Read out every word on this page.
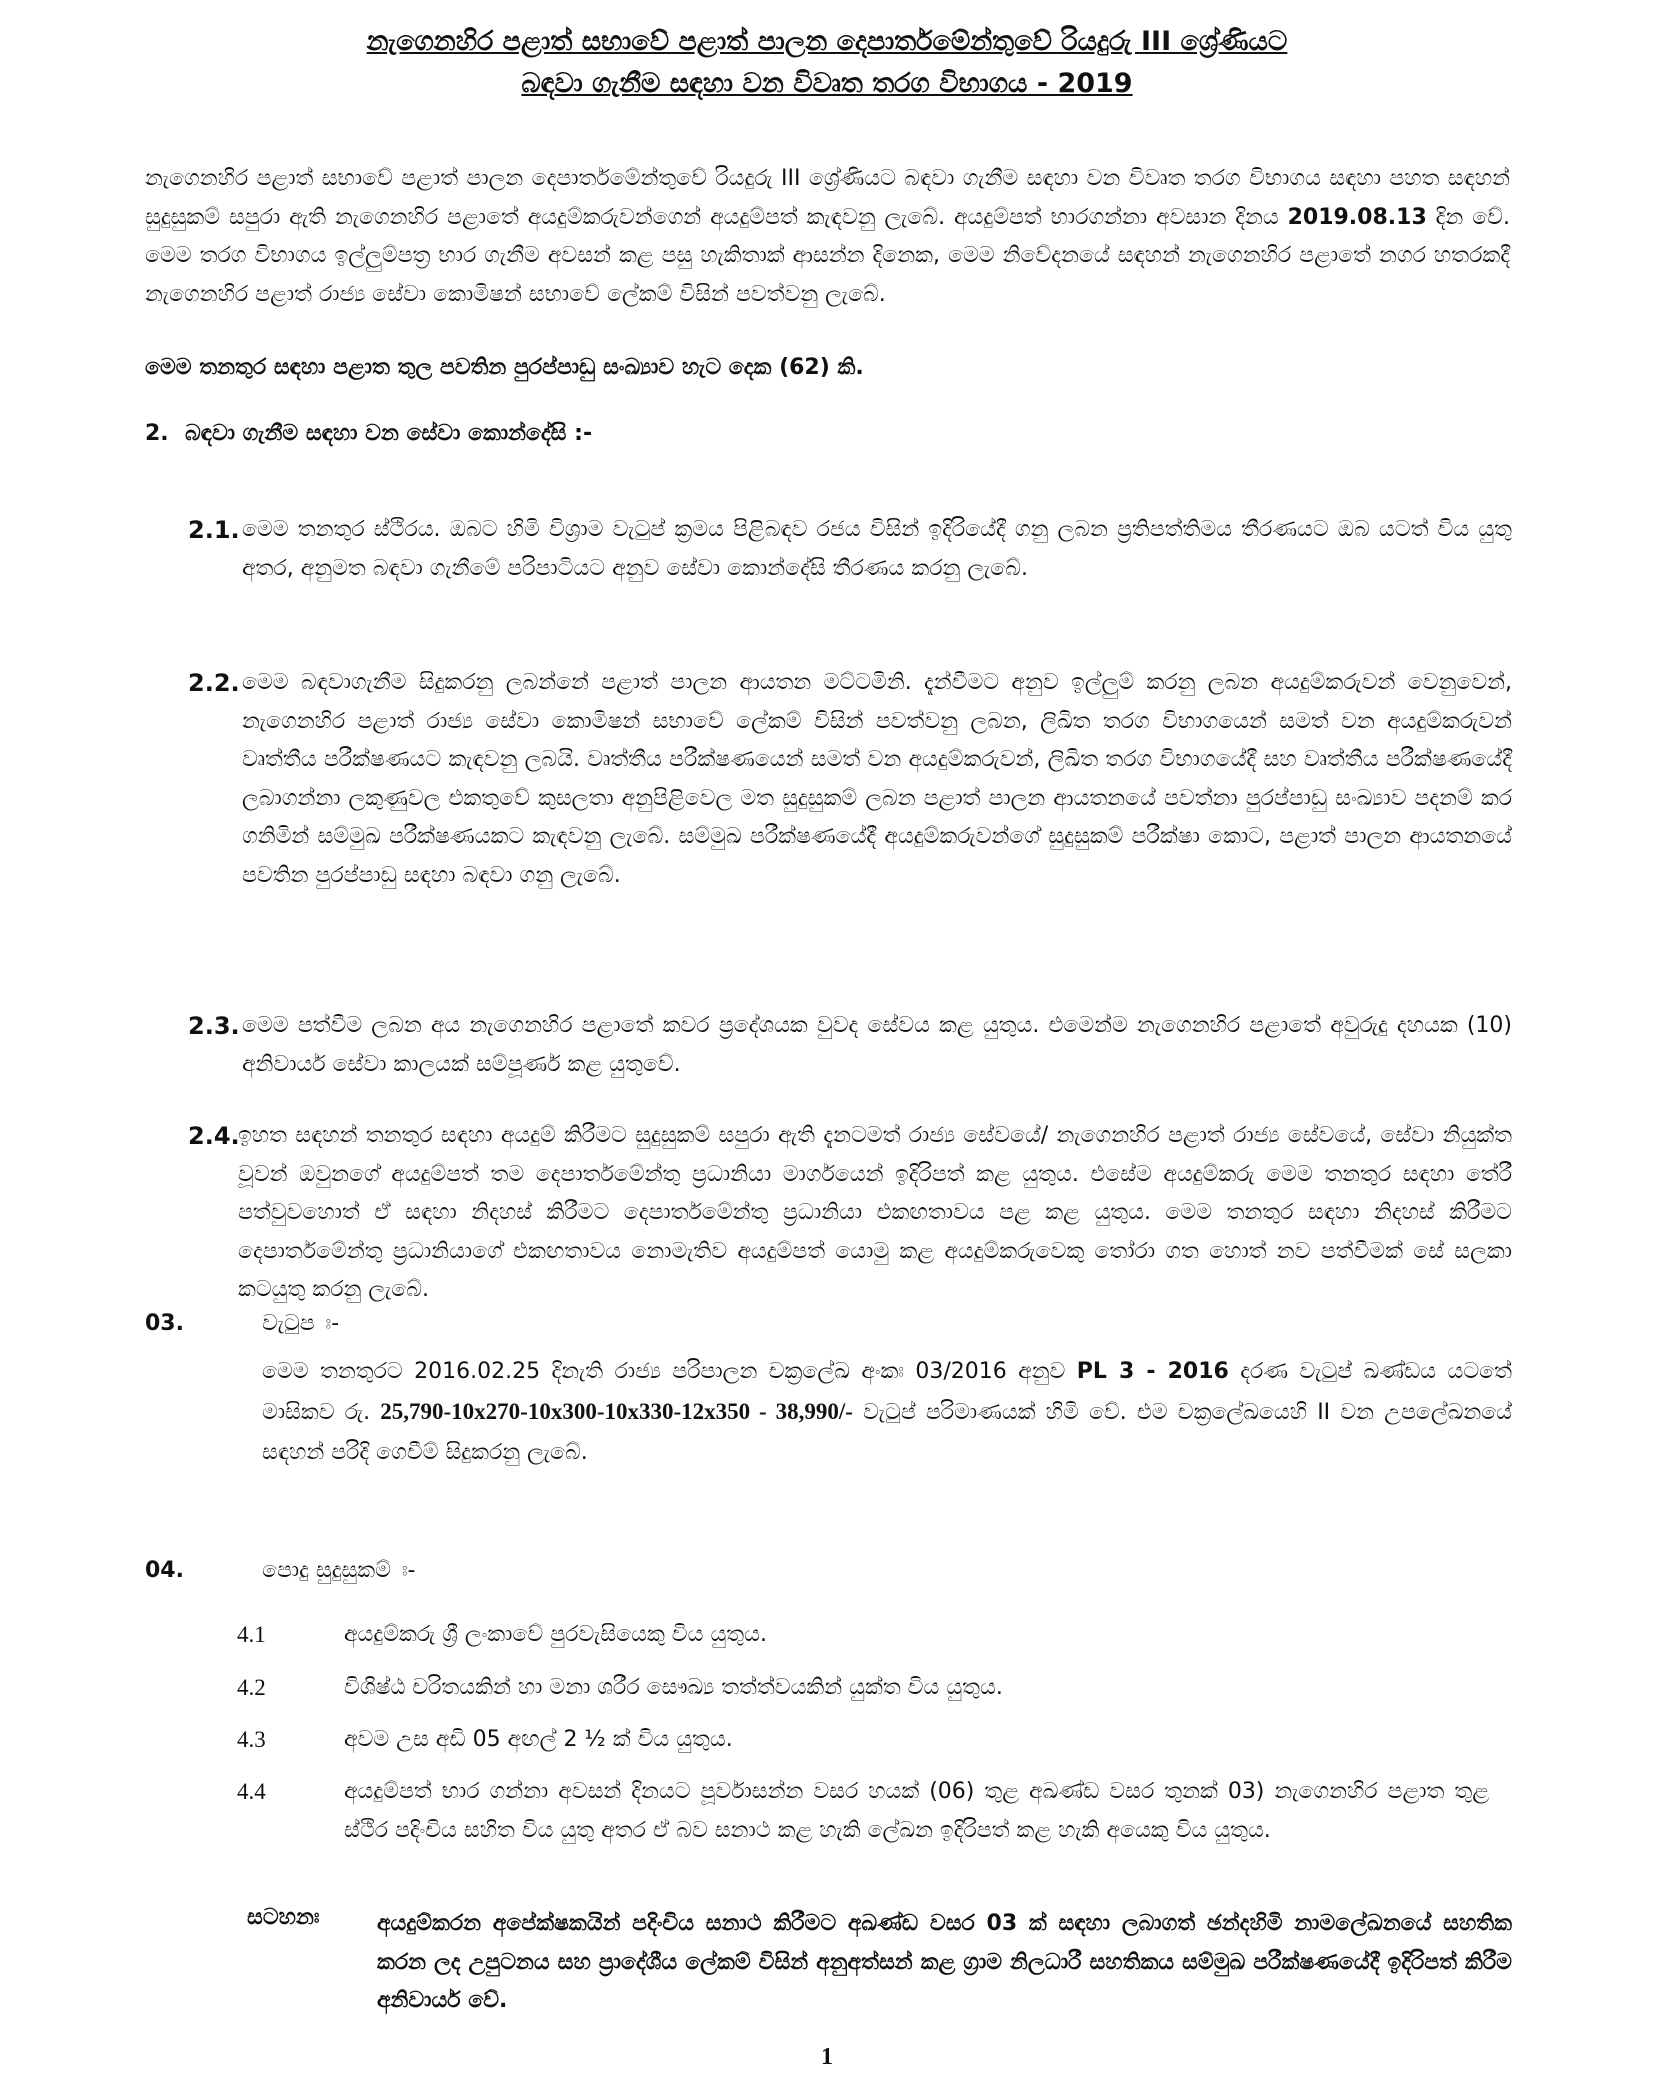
නැගෙනහිර පළාත් සභාවේ පළාත් පාලන දෙපාර්තමේන්තුවේ රියදුරු III ශ්‍රේණියට
බඳවා ගැනීම සඳහා වන විවෘත තරග විභාගය - 2019
නැගෙනහිර පළාත් සභාවේ පළාත් පාලන දෙපාර්තමේන්තුවේ රියදුරු III ශ්‍රේණියට බඳවා ගැනීම සඳහා වන විවෘත තරග විභාගය සඳහා පහත සඳහන් සුදුසුකම් සපුරා ඇති නැගෙනහිර පළාතේ අයදුම්කරුවන්ගෙන් අයදුම්පත් කැඳවනු ලැබේ. අයදුම්පත් භාරගන්නා අවසාන දිනය 2019.08.13 දින වේ. මෙම තරග විභාගය ඉල්ලුම්පත්‍ර භාර ගැනීම අවසන් කළ පසු හැකිතාක් ආසන්න දිනෙක, මෙම නිවේදනයේ සඳහන් නැගෙනහිර පළාතේ නගර හතරකදී නැගෙනහිර පළාත් රාජ්‍ය සේවා කොමිෂන් සභාවේ ලේකම් විසින් පවත්වනු ලැබේ.
මෙම තනතුර සඳහා පළාත තුල පවතින පුරප්පාඩු සංඛ්‍යාව හැට දෙක (62) කි.
2. බඳවා ගැනීම සඳහා වන සේවා කොන්දේසි :-
2.1. මෙම තනතුර ස්ථිරය. ඔබට හිමි විශ්‍රාම වැටුප් ක්‍රමය පිළිබඳව රජය විසින් ඉදිරියේදී ගනු ලබන ප්‍රතිපත්තිමය තීරණයට ඔබ යටත් විය යුතු අතර, අනුමත බඳවා ගැනීමේ පරිපාටියට අනුව සේවා කොන්දේසි තීරණය කරනු ලැබේ.
2.2. මෙම බඳවාගැනීම සිදුකරනු ලබන්නේ පළාත් පාලන ආයතන මට්ටමිනි. දැන්වීමට අනුව ඉල්ලුම් කරනු ලබන අයදුම්කරුවන් වෙනුවෙන්, නැගෙනහිර පළාත් රාජ්‍ය සේවා කොමිෂන් සභාවේ ලේකම් විසින් පවත්වනු ලබන, ලිඛිත තරග විභාගයෙන් සමත් වන අයදුම්කරුවන් වෘත්තීය පරීක්ෂණයට කැඳවනු ලබයි. වෘත්තීය පරීක්ෂණයෙන් සමත් වන අයදුම්කරුවන්, ලිඛිත තරග විභාගයේදී සහ වෘත්තීය පරීක්ෂණයේදී ලබාගන්නා ලකුණුවල එකතුවේ කුසලතා අනුපිළිවෙල මත සුදුසුකම් ලබන පළාත් පාලන ආයතනයේ පවත්නා පුරප්පාඩු සංඛ්‍යාව පදනම් කර ගනිමින් සම්මුඛ පරීක්ෂණයකට කැඳවනු ලැබේ. සම්මුඛ පරීක්ෂණයේදී අයදුම්කරුවන්ගේ සුදුසුකම් පරීක්ෂා කොට, පළාත් පාලන ආයතනයේ පවතින පුරප්පාඩු සඳහා බඳවා ගනු ලැබේ.
2.3. මෙම පත්වීම ලබන අය නැගෙනහිර පළාතේ කවර ප්‍රදේශයක වුවද සේවය කළ යුතුය. එමෙන්ම නැගෙනහිර පළාතේ අවුරුදු දහයක (10) අනිවාර්ය සේවා කාලයක් සම්පූර්ණ කළ යුතුවේ.
2.4.
ඉහත සඳහන් තනතුර සඳහා අයදුම් කිරීමට සුදුසුකම් සපුරා ඇති දැනටමත් රාජ්‍ය සේවයේ/ නැගෙනහිර පළාත් රාජ්‍ය සේවයේ, සේවා නියුක්ත වූවන් ඔවුනගේ අයදුම්පත් තම දෙපාර්තමේන්තු ප්‍රධානියා මාර්ගයෙන් ඉදිරිපත් කළ යුතුය. එසේම අයදුම්කරු මෙම තනතුර සඳහා තේරී පත්වුවහොත් ඒ සඳහා නිදහස් කිරීමට දෙපාර්තමේන්තු ප්‍රධානියා එකඟතාවය පළ කළ යුතුය. මෙම තනතුර සඳහා නිදහස් කිරීමට දෙපාර්තමේන්තු ප්‍රධානියාගේ එකඟතාවය නොමැතිව අයදුම්පත් යොමු කළ අයදුම්කරුවෙකු තෝරා ගත හොත් නව පත්වීමක් සේ සලකා කටයුතු කරනු ලැබේ.
03.	වැටුප ඃ-
මෙම තනතුරට 2016.02.25 දිනැති රාජ්‍ය පරිපාලන චක්‍රලේඛ අංකඃ 03/2016 අනුව PL 3 - 2016 දරණ වැටුප් ඛණ්ඩය යටතේ මාසිකව රු. 25,790-10x270-10x300-10x330-12x350 - 38,990/- වැටුප් පරිමාණයක් හිමි වේ. එම චක්‍රලේඛයෙහි II වන උපලේඛනයේ සඳහන් පරිදි ගෙවීම් සිදුකරනු ලැබේ.
04.	පොදු සුදුසුකම් ඃ-
4.1	අයදුම්කරු ශ්‍රී ලංකාවේ පුරවැසියෙකු විය යුතුය.
4.2	විශිෂ්ඨ චරිතයකින් හා මනා ශරීර සෞඛ්‍ය තත්ත්වයකින් යුක්ත විය යුතුය.
4.3	අවම උස අඩි 05 අඟල් 2 ½ ක් විය යුතුය.
4.4	අයදුම්පත් භාර ගන්නා අවසන් දිනයට පූර්වාසන්න වසර හයක් (06) තුළ අඛණ්ඩ වසර තුනක් 03) නැගෙනහිර පළාත තුළ ස්ථිර පදිංචිය සහිත විය යුතු අතර ඒ බව සනාථ කළ හැකි ලේඛන ඉදිරිපත් කළ හැකි අයෙකු විය යුතුය.
සටහනඃ	අයදුම්කරන අපේක්ෂකයින් පදිංචිය සනාථ කිරීමට අඛණ්ඩ වසර 03 ක් සඳහා ලබාගත් ඡන්දහිමි නාමලේඛනයේ සහතික කරන ලද උපුටනය සහ ප්‍රාදේශීය ලේකම් විසින් අනුඅත්සන් කළ ග්‍රාම නිලධාරී සහතිකය සම්මුඛ පරීක්ෂණයේදී ඉදිරිපත් කිරීම අනිවාර්ය වේ.
1
